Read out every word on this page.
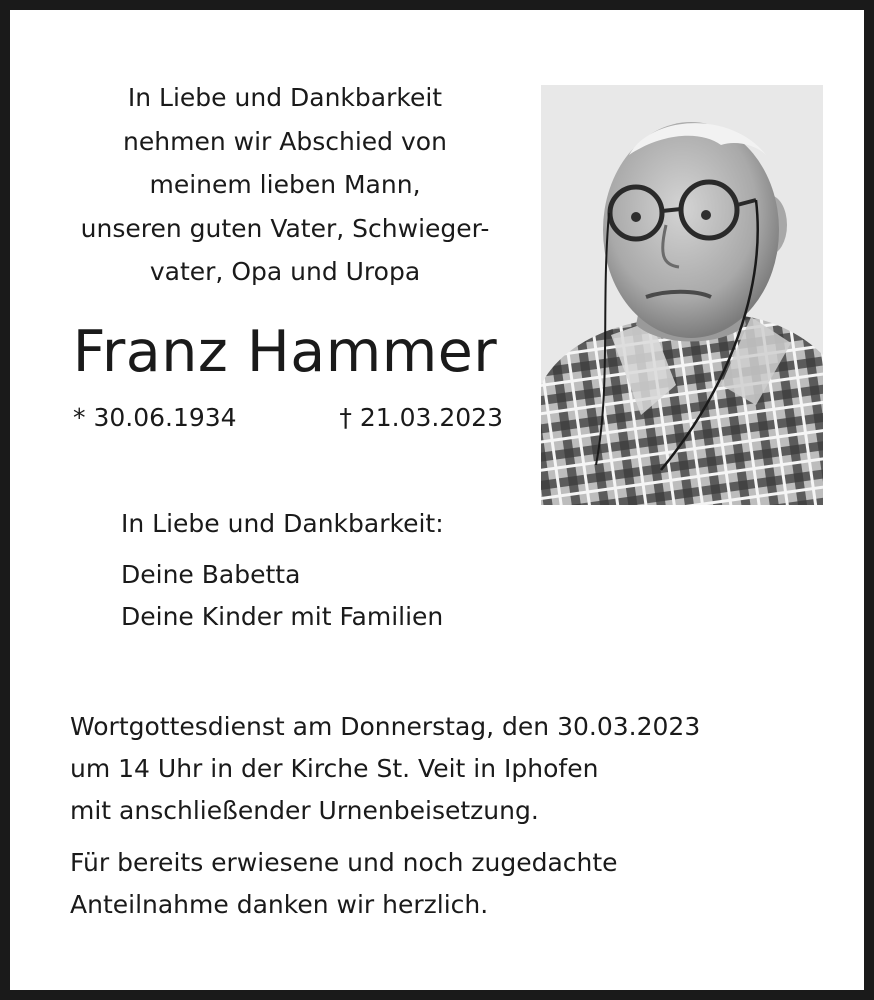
In Liebe und Dankbarkeit
nehmen wir Abschied von
meinem lieben Mann,
unseren guten Vater, Schwieger-
vater, Opa und Uropa

Franz Hammer
* 30.06.1934	† 21.03.2023
In Liebe und Dankbarkeit:
Deine Babetta
Deine Kinder mit Familien

Wortgottesdienst am Donnerstag, den 30.03.2023
um 14 Uhr in der Kirche St. Veit in Iphofen
mit anschließender Urnenbeisetzung.

Für bereits erwiesene und noch zugedachte
Anteilnahme danken wir herzlich.
